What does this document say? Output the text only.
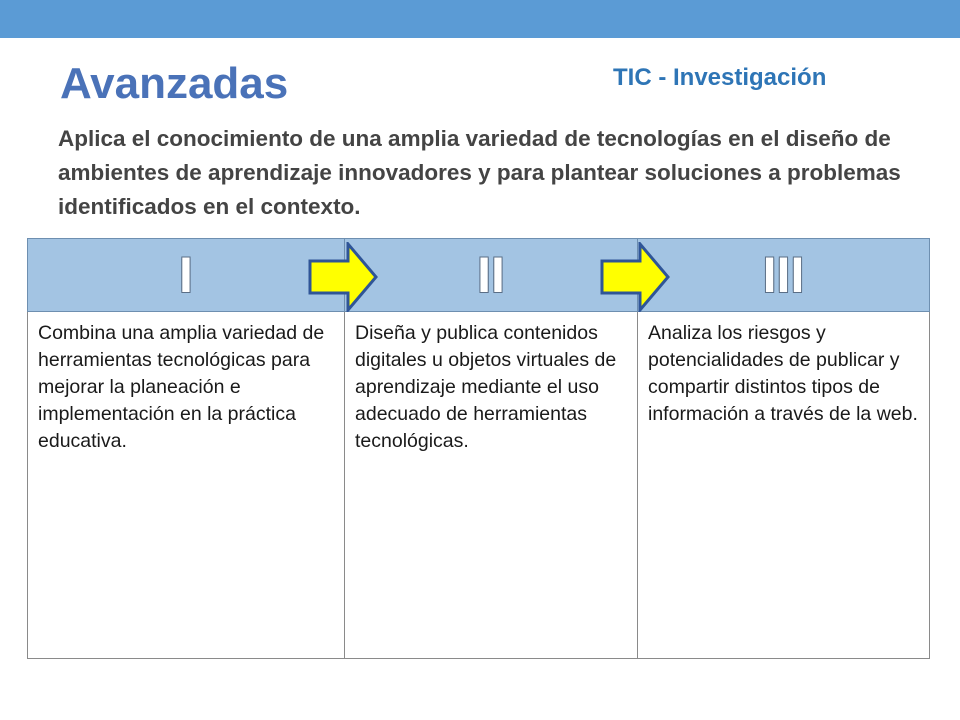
Avanzadas	TIC - Investigación

Aplica el conocimiento de una amplia variedad de tecnologías en el diseño de ambientes de aprendizaje innovadores y para plantear soluciones a problemas identificados en el contexto.

I	II	III
Combina una amplia variedad de herramientas tecnológicas para mejorar la planeación e implementación en la práctica educativa.	Diseña y publica contenidos digitales u objetos virtuales de aprendizaje mediante el uso adecuado de herramientas tecnológicas.	Analiza los riesgos y potencialidades de publicar y compartir distintos tipos de información a través de la web.
